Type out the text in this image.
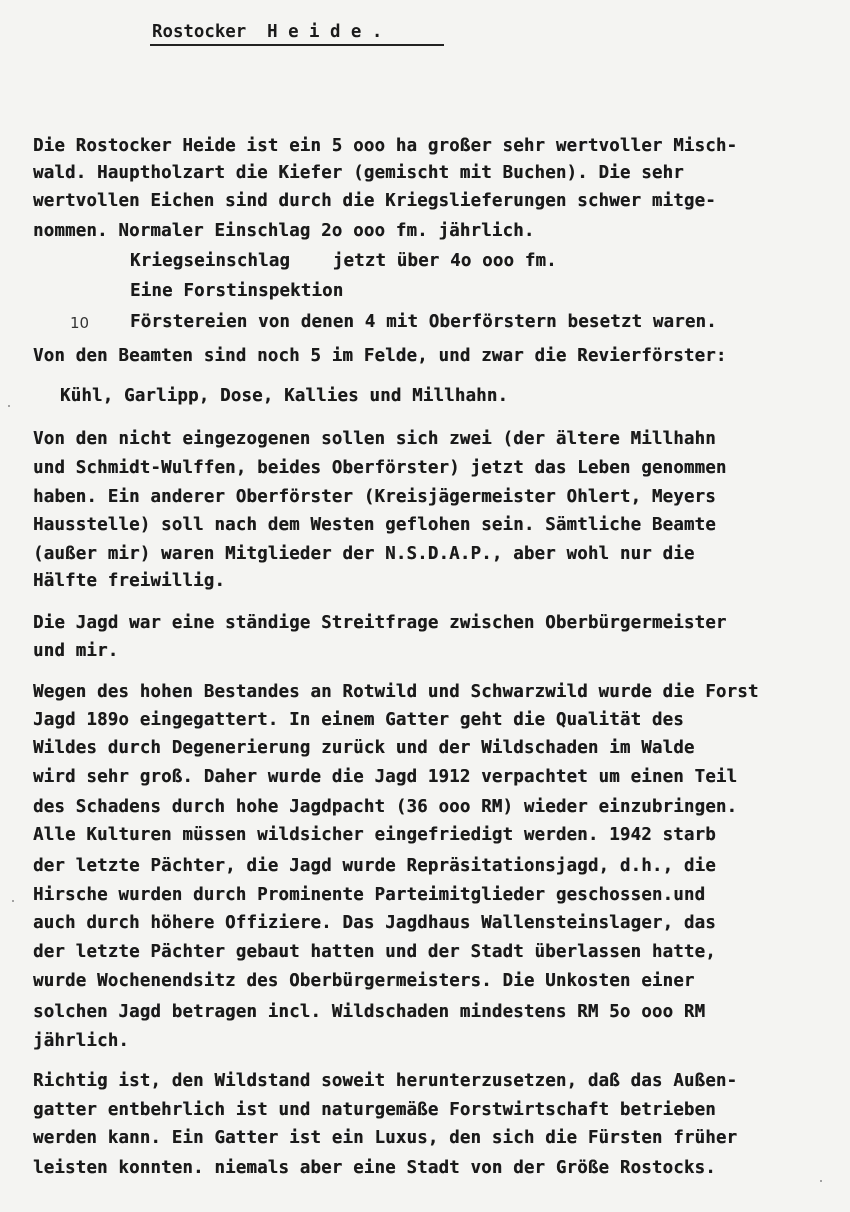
Rostocker  H e i d e .
10
Die Rostocker Heide ist ein 5 ooo ha großer sehr wertvoller Misch-
wald. Hauptholzart die Kiefer (gemischt mit Buchen). Die sehr
wertvollen Eichen sind durch die Kriegslieferungen schwer mitge-
nommen. Normaler Einschlag 2o ooo fm. jährlich.
Kriegseinschlag    jetzt über 4o ooo fm.
Eine Forstinspektion
Förstereien von denen 4 mit Oberförstern besetzt waren.
Von den Beamten sind noch 5 im Felde, und zwar die Revierförster:
Kühl, Garlipp, Dose, Kallies und Millhahn.
Von den nicht eingezogenen sollen sich zwei (der ältere Millhahn
und Schmidt-Wulffen, beides Oberförster) jetzt das Leben genommen
haben. Ein anderer Oberförster (Kreisjägermeister Ohlert, Meyers
Hausstelle) soll nach dem Westen geflohen sein. Sämtliche Beamte
(außer mir) waren Mitglieder der N.S.D.A.P., aber wohl nur die
Hälfte freiwillig.
Die Jagd war eine ständige Streitfrage zwischen Oberbürgermeister
und mir.
Wegen des hohen Bestandes an Rotwild und Schwarzwild wurde die Forst
Jagd 189o eingegattert. In einem Gatter geht die Qualität des
Wildes durch Degenerierung zurück und der Wildschaden im Walde
wird sehr groß. Daher wurde die Jagd 1912 verpachtet um einen Teil
des Schadens durch hohe Jagdpacht (36 ooo RM) wieder einzubringen.
Alle Kulturen müssen wildsicher eingefriedigt werden. 1942 starb
der letzte Pächter, die Jagd wurde Repräsitationsjagd, d.h., die
Hirsche wurden durch Prominente Parteimitglieder geschossen.und
auch durch höhere Offiziere. Das Jagdhaus Wallensteinslager, das
der letzte Pächter gebaut hatten und der Stadt überlassen hatte,
wurde Wochenendsitz des Oberbürgermeisters. Die Unkosten einer
solchen Jagd betragen incl. Wildschaden mindestens RM 5o ooo RM
jährlich.
Richtig ist, den Wildstand soweit herunterzusetzen, daß das Außen-
gatter entbehrlich ist und naturgemäße Forstwirtschaft betrieben
werden kann. Ein Gatter ist ein Luxus, den sich die Fürsten früher
leisten konnten. niemals aber eine Stadt von der Größe Rostocks.
